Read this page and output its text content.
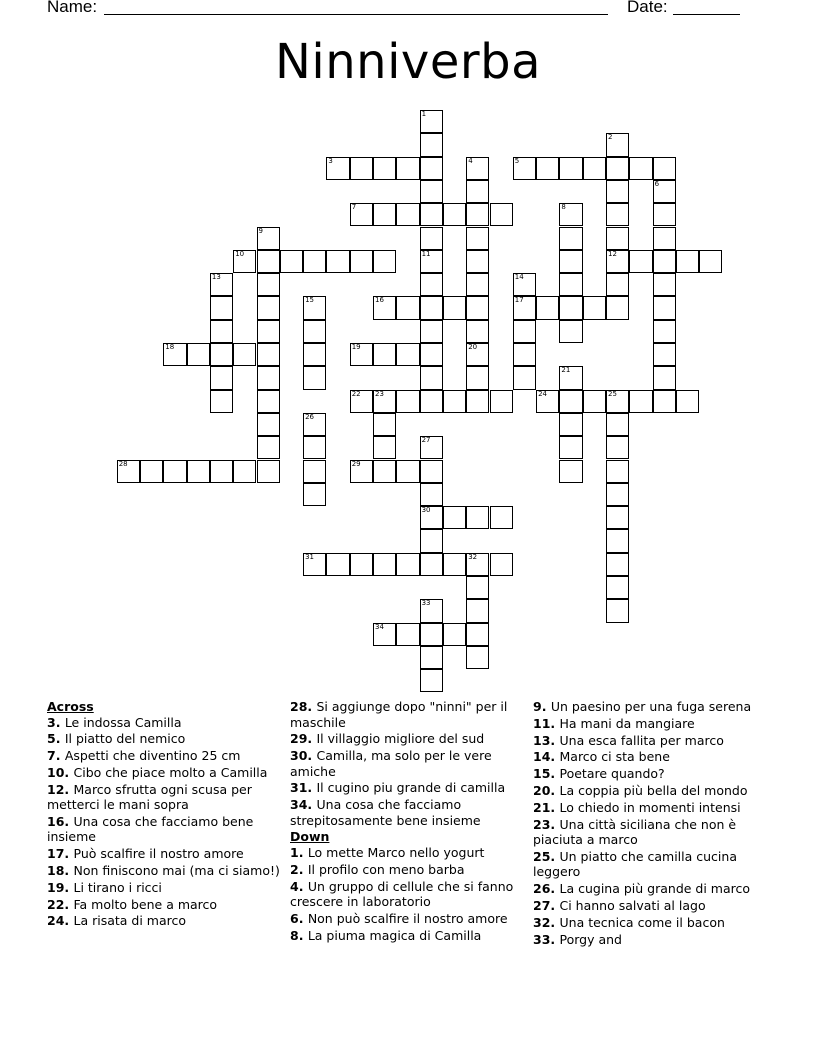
Name:	Date:
Ninniverba
3	5
7
10	12
16	17
18	19
22 23	24	25
28	29
30
31	32
34
1
11
2
4
6
8
9
13	14
15
20
21
26
27
33
Across
3. Le indossa Camilla
5. Il piatto del nemico
7. Aspetti che diventino 25 cm
10. Cibo che piace molto a Camilla
12. Marco sfrutta ogni scusa per metterci le mani sopra
16. Una cosa che facciamo bene insieme
17. Può scalfire il nostro amore
18. Non finiscono mai (ma ci siamo!)
19. Li tirano i ricci
22. Fa molto bene a marco
24. La risata di marco
28. Si aggiunge dopo "ninni" per il maschile
29. Il villaggio migliore del sud
30. Camilla, ma solo per le vere amiche
31. Il cugino piu grande di camilla
34. Una cosa che facciamo strepitosamente bene insieme
Down
1. Lo mette Marco nello yogurt
2. Il profilo con meno barba
4. Un gruppo di cellule che si fanno crescere in laboratorio
6. Non può scalfire il nostro amore
8. La piuma magica di Camilla
9. Un paesino per una fuga serena
11. Ha mani da mangiare
13. Una esca fallita per marco
14. Marco ci sta bene
15. Poetare quando?
20. La coppia più bella del mondo
21. Lo chiedo in momenti intensi
23. Una città siciliana che non è piaciuta a marco
25. Un piatto che camilla cucina leggero
26. La cugina più grande di marco
27. Ci hanno salvati al lago
32. Una tecnica come il bacon
33. Porgy and
